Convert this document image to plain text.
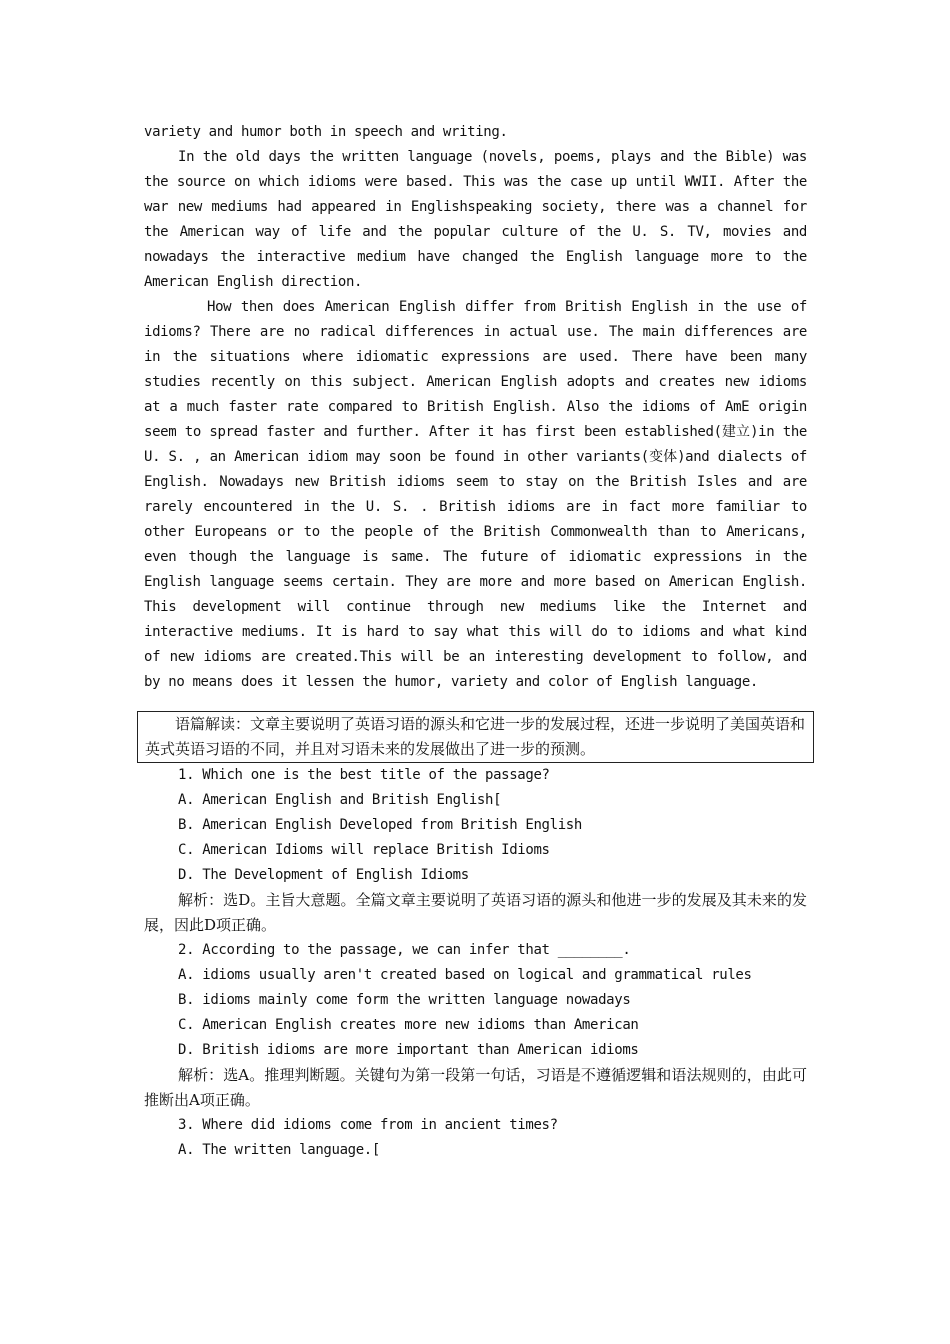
variety and humor both in speech and writing.

In the old days the written language (novels, poems, plays and the Bible) was the source on which idioms were based. This was the case up until WWII. After the war new mediums had appeared in Englishspeaking society, there was a channel for the American way of life and the popular culture of the U. S. TV, movies and nowadays the interactive medium have changed the English language more to the American English direction.

How then does American English differ from British English in the use of idioms? There are no radical differences in actual use. The main differences are in the situations where idiomatic expressions are used. There have been many studies recently on this subject. American English adopts and creates new idioms at a much faster rate compared to British English. Also the idioms of AmE origin seem to spread faster and further. After it has first been established(建立)in the U. S. , an American idiom may soon be found in other variants(变体)and dialects of English. Nowadays new British idioms seem to stay on the British Isles and are rarely encountered in the U. S. . British idioms are in fact more familiar to other Europeans or to the people of the British Commonwealth than to Americans, even though the language is same. The future of idiomatic expressions in the English language seems certain. They are more and more based on American English. This development will continue through new mediums like the Internet and interactive mediums. It is hard to say what this will do to idioms and what kind of new idioms are created.This will be an interesting development to follow, and by no means does it lessen the humor, variety and color of English language.

语篇解读：文章主要说明了英语习语的源头和它进一步的发展过程，还进一步说明了美国英语和英式英语习语的不同，并且对习语未来的发展做出了进一步的预测。

1. Which one is the best title of the passage?

A. American English and British English[

B. American English Developed from British English

C. American Idioms will replace British Idioms

D. The Development of English Idioms

解析：选D。主旨大意题。全篇文章主要说明了英语习语的源头和他进一步的发展及其未来的发展，因此D项正确。

2. According to the passage, we can infer that ________.

A. idioms usually aren't created based on logical and grammatical rules

B. idioms mainly come form the written language nowadays

C. American English creates more new idioms than American

D. British idioms are more important than American idioms

解析：选A。推理判断题。关键句为第一段第一句话，习语是不遵循逻辑和语法规则的，由此可推断出A项正确。

3. Where did idioms come from in ancient times?

A. The written language.[
